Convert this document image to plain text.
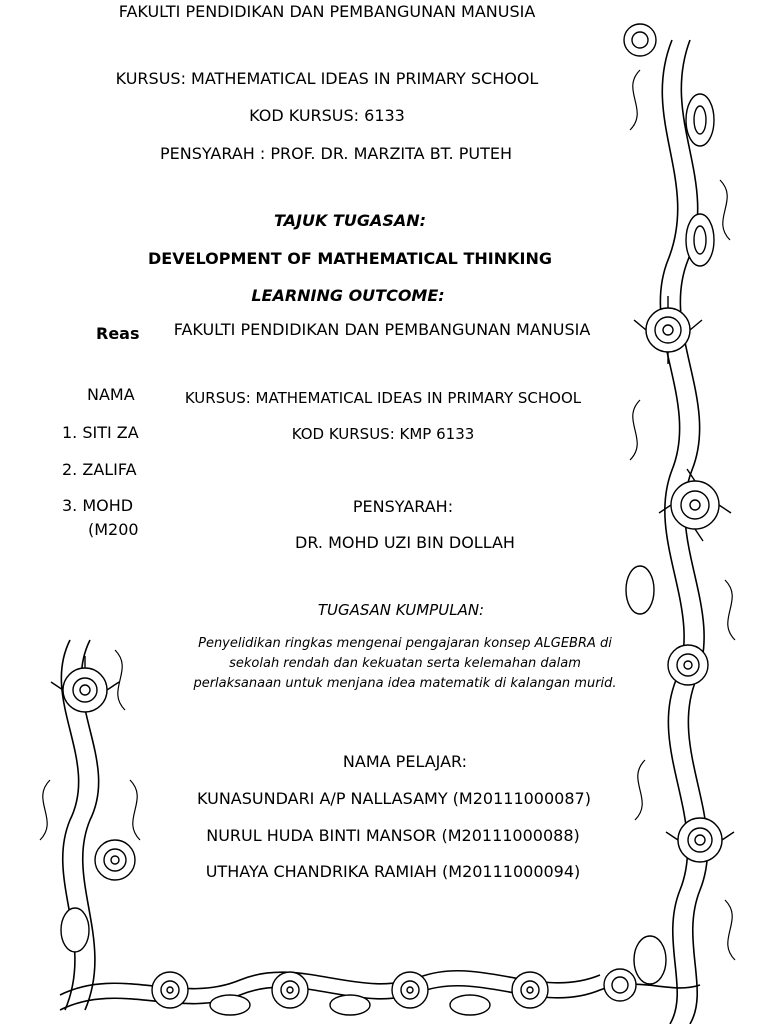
FAKULTI PENDIDIKAN DAN PEMBANGUNAN MANUSIA
KURSUS: MATHEMATICAL IDEAS IN PRIMARY SCHOOL
KOD KURSUS: 6133
PENSYARAH : PROF. DR. MARZITA BT. PUTEH
TAJUK TUGASAN:
DEVELOPMENT OF MATHEMATICAL THINKING
LEARNING OUTCOME:
Reas
NAMA
1. SITI ZA
2. ZALIFA
3. MOHD
(M200
FAKULTI PENDIDIKAN DAN PEMBANGUNAN MANUSIA
KURSUS: MATHEMATICAL IDEAS IN PRIMARY SCHOOL
KOD KURSUS: KMP 6133
PENSYARAH:
DR. MOHD UZI BIN DOLLAH
TUGASAN KUMPULAN:
Penyelidikan ringkas mengenai pengajaran konsep ALGEBRA di sekolah rendah dan kekuatan serta kelemahan dalam perlaksanaan untuk menjana idea matematik di kalangan murid.
NAMA PELAJAR:
KUNASUNDARI A/P NALLASAMY (M20111000087)
NURUL HUDA BINTI MANSOR (M20111000088)
UTHAYA CHANDRIKA RAMIAH (M20111000094)
